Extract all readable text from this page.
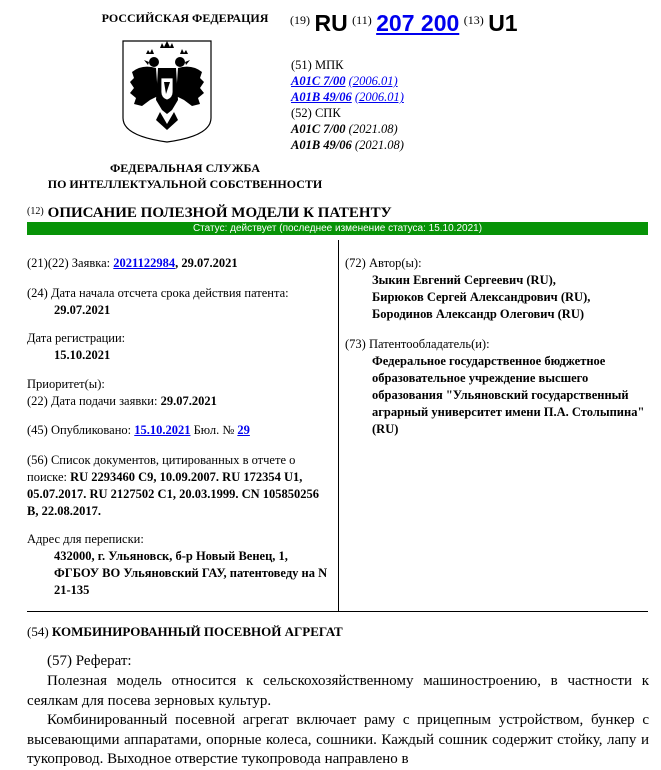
РОССИЙСКАЯ ФЕДЕРАЦИЯ
ФЕДЕРАЛЬНАЯ СЛУЖБА
ПО ИНТЕЛЛЕКТУАЛЬНОЙ СОБСТВЕННОСТИ
$^{(19)}$ RU $^{(11)}$ 207 200 $^{(13)}$ U1
(51) МПК
A01C 7/00 (2006.01)
A01B 49/06 (2006.01)
(52) СПК
A01C 7/00 (2021.08)
A01B 49/06 (2021.08)
$^{(12)}$ ОПИСАНИЕ ПОЛЕЗНОЙ МОДЕЛИ К ПАТЕНТУ
Статус: действует (последнее изменение статуса: 15.10.2021)
(21)(22) Заявка: 2021122984, 29.07.2021
(24) Дата начала отсчета срока действия патента:
29.07.2021
Дата регистрации:
15.10.2021
Приоритет(ы):
(22) Дата подачи заявки: 29.07.2021
(45) Опубликовано: 15.10.2021 Бюл. № 29
(56) Список документов, цитированных в отчете о поиске: RU 2293460 C9, 10.09.2007. RU 172354 U1, 05.07.2017. RU 2127502 C1, 20.03.1999. CN 105850256 B, 22.08.2017.
Адрес для переписки:
432000, г. Ульяновск, б-р Новый Венец, 1, ФГБОУ ВО Ульяновский ГАУ, патентоведу на N 21-135
(72) Автор(ы):
Зыкин Евгений Сергеевич (RU),
Бирюков Сергей Александрович (RU),
Бородинов Александр Олегович (RU)
(73) Патентообладатель(и):
Федеральное государственное бюджетное образовательное учреждение высшего образования "Ульяновский государственный аграрный университет имени П.А. Столыпина" (RU)
(54) КОМБИНИРОВАННЫЙ ПОСЕВНОЙ АГРЕГАТ
(57) Реферат:

Полезная модель относится к сельскохозяйственному машиностроению, в частности к сеялкам для посева зерновых культур.

Комбинированный посевной агрегат включает раму с прицепным устройством, бункер с высевающими аппаратами, опорные колеса, сошники. Каждый сошник содержит стойку, лапу и тукопровод. Выходное отверстие тукопровода направлено в
